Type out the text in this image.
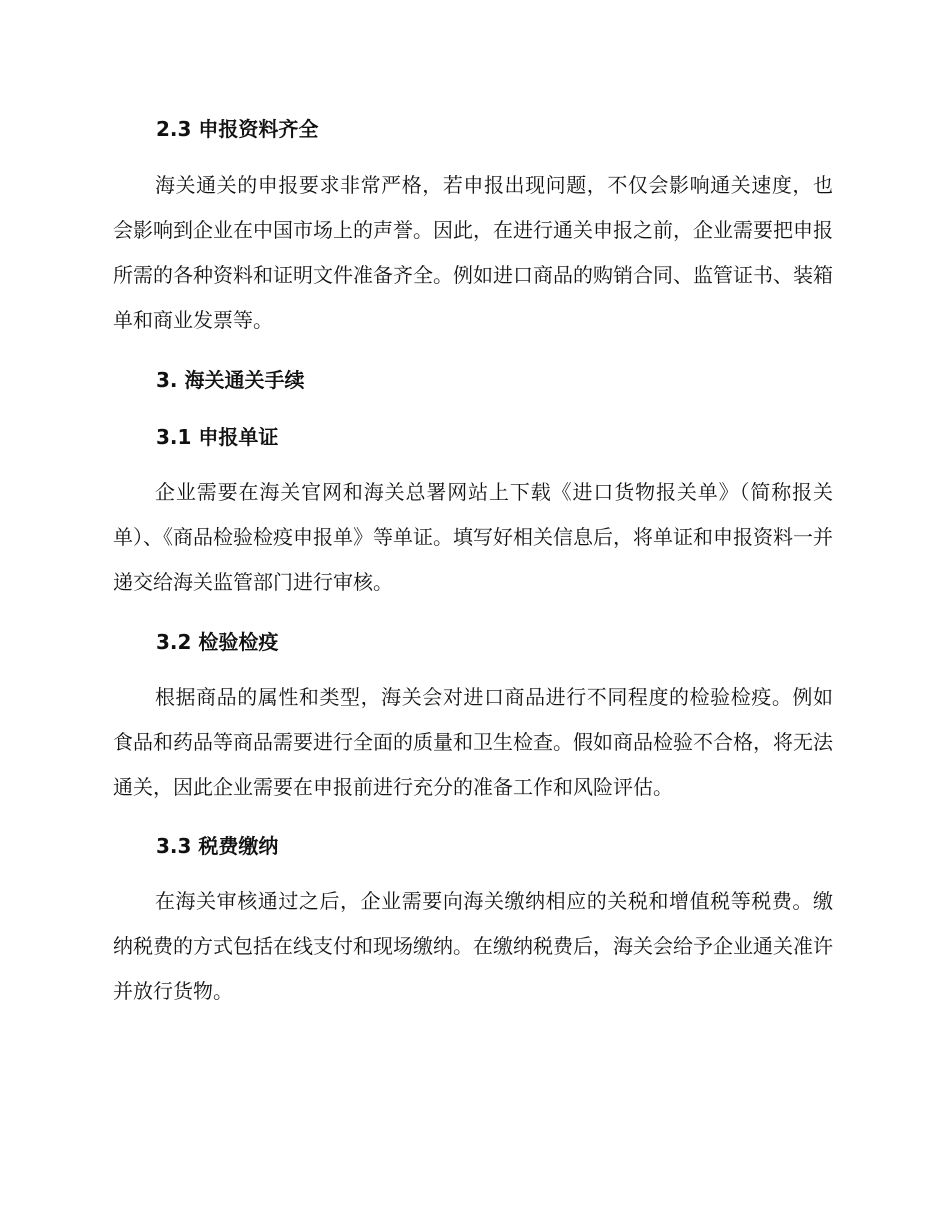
2.3 申报资料齐全

海关通关的申报要求非常严格，若申报出现问题，不仅会影响通关速度，也会影响到企业在中国市场上的声誉。因此，在进行通关申报之前，企业需要把申报所需的各种资料和证明文件准备齐全。例如进口商品的购销合同、监管证书、装箱单和商业发票等。

3. 海关通关手续
3.1 申报单证

企业需要在海关官网和海关总署网站上下载《进口货物报关单》（简称报关单）、《商品检验检疫申报单》等单证。填写好相关信息后，将单证和申报资料一并递交给海关监管部门进行审核。

3.2 检验检疫

根据商品的属性和类型，海关会对进口商品进行不同程度的检验检疫。例如食品和药品等商品需要进行全面的质量和卫生检查。假如商品检验不合格，将无法通关，因此企业需要在申报前进行充分的准备工作和风险评估。

3.3 税费缴纳

在海关审核通过之后，企业需要向海关缴纳相应的关税和增值税等税费。缴纳税费的方式包括在线支付和现场缴纳。在缴纳税费后，海关会给予企业通关准许并放行货物。
